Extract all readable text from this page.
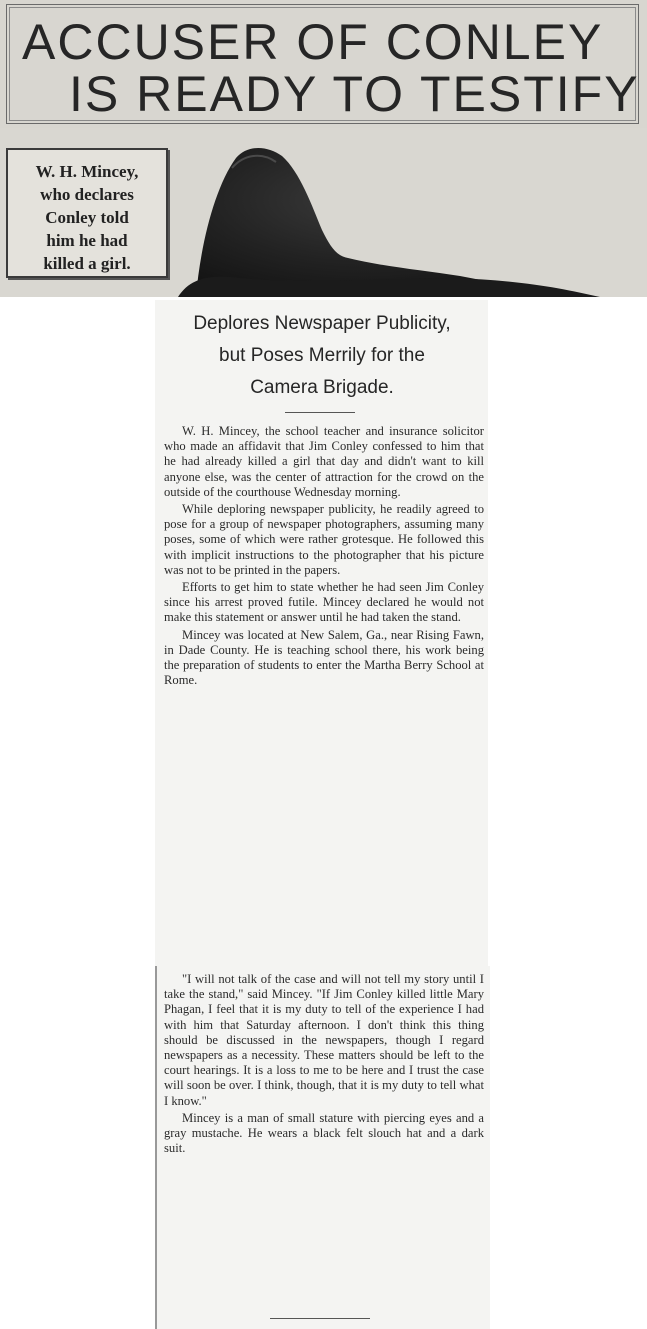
ACCUSER OF CONLEY
IS READY TO TESTIFY
W. H. Mincey,
who declares
Conley told
him he had
killed a girl.
Deplores Newspaper Publicity,
but Poses Merrily for the
Camera Brigade.

W. H. Mincey, the school teacher and insurance solicitor who made an affidavit that Jim Conley confessed to him that he had already killed a girl that day and didn't want to kill anyone else, was the center of attraction for the crowd on the outside of the courthouse Wednesday morning.

While deploring newspaper publicity, he readily agreed to pose for a group of newspaper photographers, assuming many poses, some of which were rather grotesque. He followed this with implicit instructions to the photographer that his picture was not to be printed in the papers.

Efforts to get him to state whether he had seen Jim Conley since his arrest proved futile. Mincey declared he would not make this statement or answer until he had taken the stand.

Mincey was located at New Salem, Ga., near Rising Fawn, in Dade County. He is teaching school there, his work being the preparation of students to enter the Martha Berry School at Rome.

"I will not talk of the case and will not tell my story until I take the stand," said Mincey. "If Jim Conley killed little Mary Phagan, I feel that it is my duty to tell of the experience I had with him that Saturday afternoon. I don't think this thing should be discussed in the newspapers, though I regard newspapers as a necessity. These matters should be left to the court hearings. It is a loss to me to be here and I trust the case will soon be over. I think, though, that it is my duty to tell what I know."

Mincey is a man of small stature with piercing eyes and a gray mustache. He wears a black felt slouch hat and a dark suit.
